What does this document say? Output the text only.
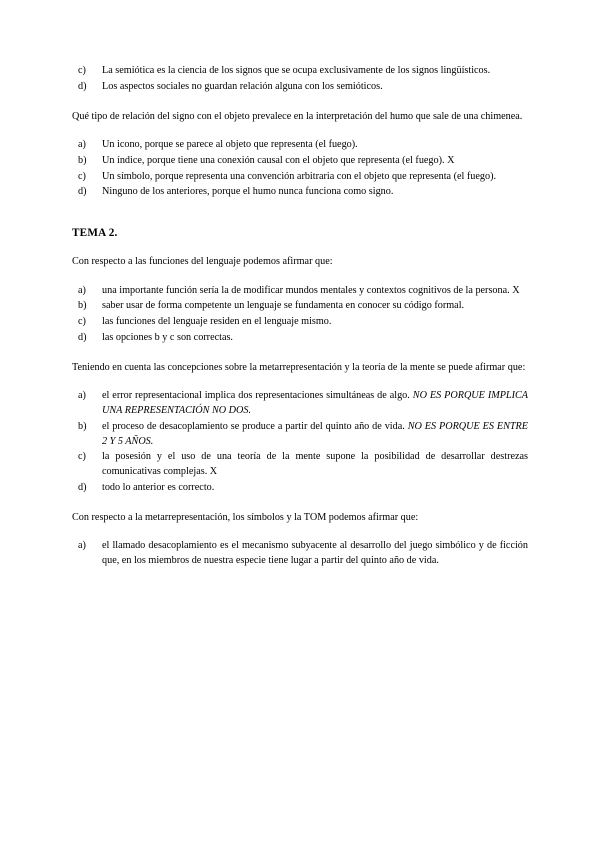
c)	La semiótica es la ciencia de los signos que se ocupa exclusivamente de los signos lingüísticos.
d)	Los aspectos sociales no guardan relación alguna con los semióticos.

Qué tipo de relación del signo con el objeto prevalece en la interpretación del humo que sale de una chimenea.

a)	Un icono, porque se parece al objeto que representa (el fuego).
b)	Un índice, porque tiene una conexión causal con el objeto que representa (el fuego). X
c)	Un símbolo, porque representa una convención arbitraria con el objeto que representa (el fuego).
d)	Ninguno de los anteriores, porque el humo nunca funciona como signo.
TEMA 2.

Con respecto a las funciones del lenguaje podemos afirmar que:

a)	una importante función sería la de modificar mundos mentales y contextos cognitivos de la persona. X
b)	saber usar de forma competente un lenguaje se fundamenta en conocer su código formal.
c)	las funciones del lenguaje residen en el lenguaje mismo.
d)	las opciones b y c son correctas.

Teniendo en cuenta las concepciones sobre la metarrepresentación y la teoría de la mente se puede afirmar que:

a)	el error representacional implica dos representaciones simultáneas de algo. NO ES PORQUE IMPLICA UNA REPRESENTACIÓN NO DOS.
b)	el proceso de desacoplamiento se produce a partir del quinto año de vida. NO ES PORQUE ES ENTRE 2 Y 5 AÑOS.
c)	la posesión y el uso de una teoría de la mente supone la posibilidad de desarrollar destrezas comunicativas complejas. X
d)	todo lo anterior es correcto.

Con respecto a la metarrepresentación, los símbolos y la TOM podemos afirmar que:

a)	el llamado desacoplamiento es el mecanismo subyacente al desarrollo del juego simbólico y de ficción que, en los miembros de nuestra especie tiene lugar a partir del quinto año de vida.
